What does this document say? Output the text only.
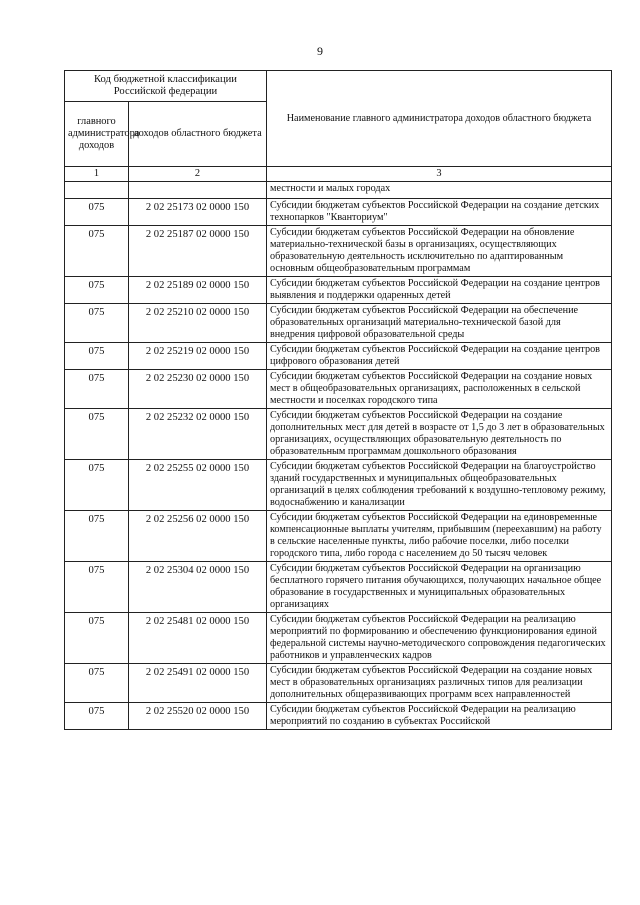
9
Код бюджетной классификации Российской федерации		Наименование главного администратора доходов областного бюджета
главного администратора доходов	доходов областного бюджета	
1	2	3
		местности и малых городах
075	2 02 25173 02 0000 150	Субсидии бюджетам субъектов Российской Федерации на создание детских технопарков "Кванториум"
075	2 02 25187 02 0000 150	Субсидии бюджетам субъектов Российской Федерации на обновление материально-технической базы в организациях, осуществляющих образовательную деятельность исключительно по адаптированным основным общеобразовательным программам
075	2 02 25189 02 0000 150	Субсидии бюджетам субъектов Российской Федерации на создание центров выявления и поддержки одаренных детей
075	2 02 25210 02 0000 150	Субсидии бюджетам субъектов Российской Федерации на обеспечение образовательных организаций материально-технической базой для внедрения цифровой образовательной среды
075	2 02 25219 02 0000 150	Субсидии бюджетам субъектов Российской Федерации на создание центров цифрового образования детей
075	2 02 25230 02 0000 150	Субсидии бюджетам субъектов Российской Федерации на создание новых мест в общеобразовательных организациях, расположенных в сельской местности и поселках городского типа
075	2 02 25232 02 0000 150	Субсидии бюджетам субъектов Российской Федерации на создание дополнительных мест для детей в возрасте от 1,5 до 3 лет в образовательных организациях, осуществляющих образовательную деятельность по образовательным программам дошкольного образования
075	2 02 25255 02 0000 150	Субсидии бюджетам субъектов Российской Федерации на благоустройство зданий государственных и муниципальных общеобразовательных организаций в целях соблюдения требований к воздушно-тепловому режиму, водоснабжению и канализации
075	2 02 25256 02 0000 150	Субсидии бюджетам субъектов Российской Федерации на единовременные компенсационные выплаты учителям, прибывшим (переехавшим) на работу в сельские населенные пункты, либо рабочие поселки, либо поселки городского типа, либо города с населением до 50 тысяч человек
075	2 02 25304 02 0000 150	Субсидии бюджетам субъектов Российской Федерации на организацию бесплатного горячего питания обучающихся, получающих начальное общее образование в государственных и муниципальных образовательных организациях
075	2 02 25481 02 0000 150	Субсидии бюджетам субъектов Российской Федерации на реализацию мероприятий по формированию и обеспечению функционирования единой федеральной системы научно-методического сопровождения педагогических работников и управленческих кадров
075	2 02 25491 02 0000 150	Субсидии бюджетам субъектов Российской Федерации на создание новых мест в образовательных организациях различных типов для реализации дополнительных общеразвивающих программ всех направленностей
075	2 02 25520 02 0000 150	Субсидии бюджетам субъектов Российской Федерации на реализацию мероприятий по созданию в субъектах Российской
